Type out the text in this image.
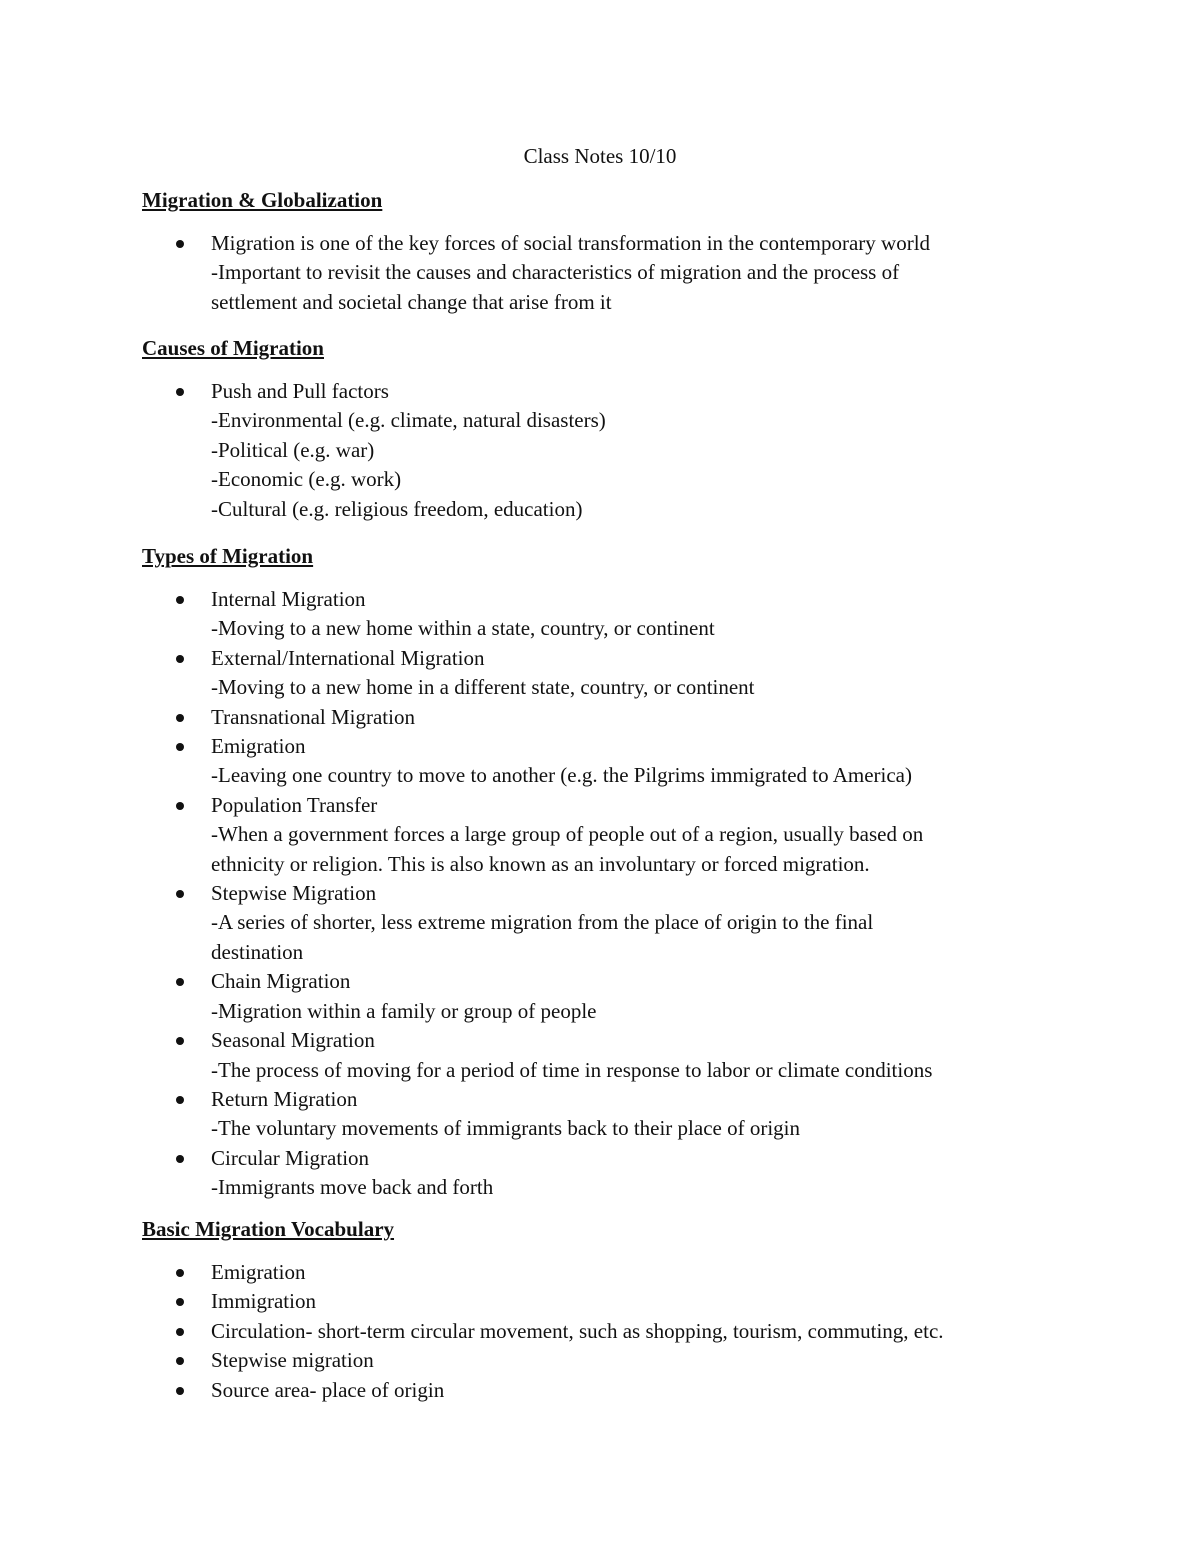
Class Notes 10/10
Migration & Globalization
Migration is one of the key forces of social transformation in the contemporary world
-Important to revisit the causes and characteristics of migration and the process of
settlement and societal change that arise from it
Causes of Migration
Push and Pull factors
-Environmental (e.g. climate, natural disasters)
-Political (e.g. war)
-Economic (e.g. work)
-Cultural (e.g. religious freedom, education)
Types of Migration
Internal Migration
-Moving to a new home within a state, country, or continent
External/International Migration
-Moving to a new home in a different state, country, or continent
Transnational Migration
Emigration
-Leaving one country to move to another (e.g. the Pilgrims immigrated to America)
Population Transfer
-When a government forces a large group of people out of a region, usually based on
ethnicity or religion. This is also known as an involuntary or forced migration.
Stepwise Migration
-A series of shorter, less extreme migration from the place of origin to the final
destination
Chain Migration
-Migration within a family or group of people
Seasonal Migration
-The process of moving for a period of time in response to labor or climate conditions
Return Migration
-The voluntary movements of immigrants back to their place of origin
Circular Migration
-Immigrants move back and forth
Basic Migration Vocabulary
Emigration
Immigration
Circulation- short-term circular movement, such as shopping, tourism, commuting, etc.
Stepwise migration
Source area- place of origin
